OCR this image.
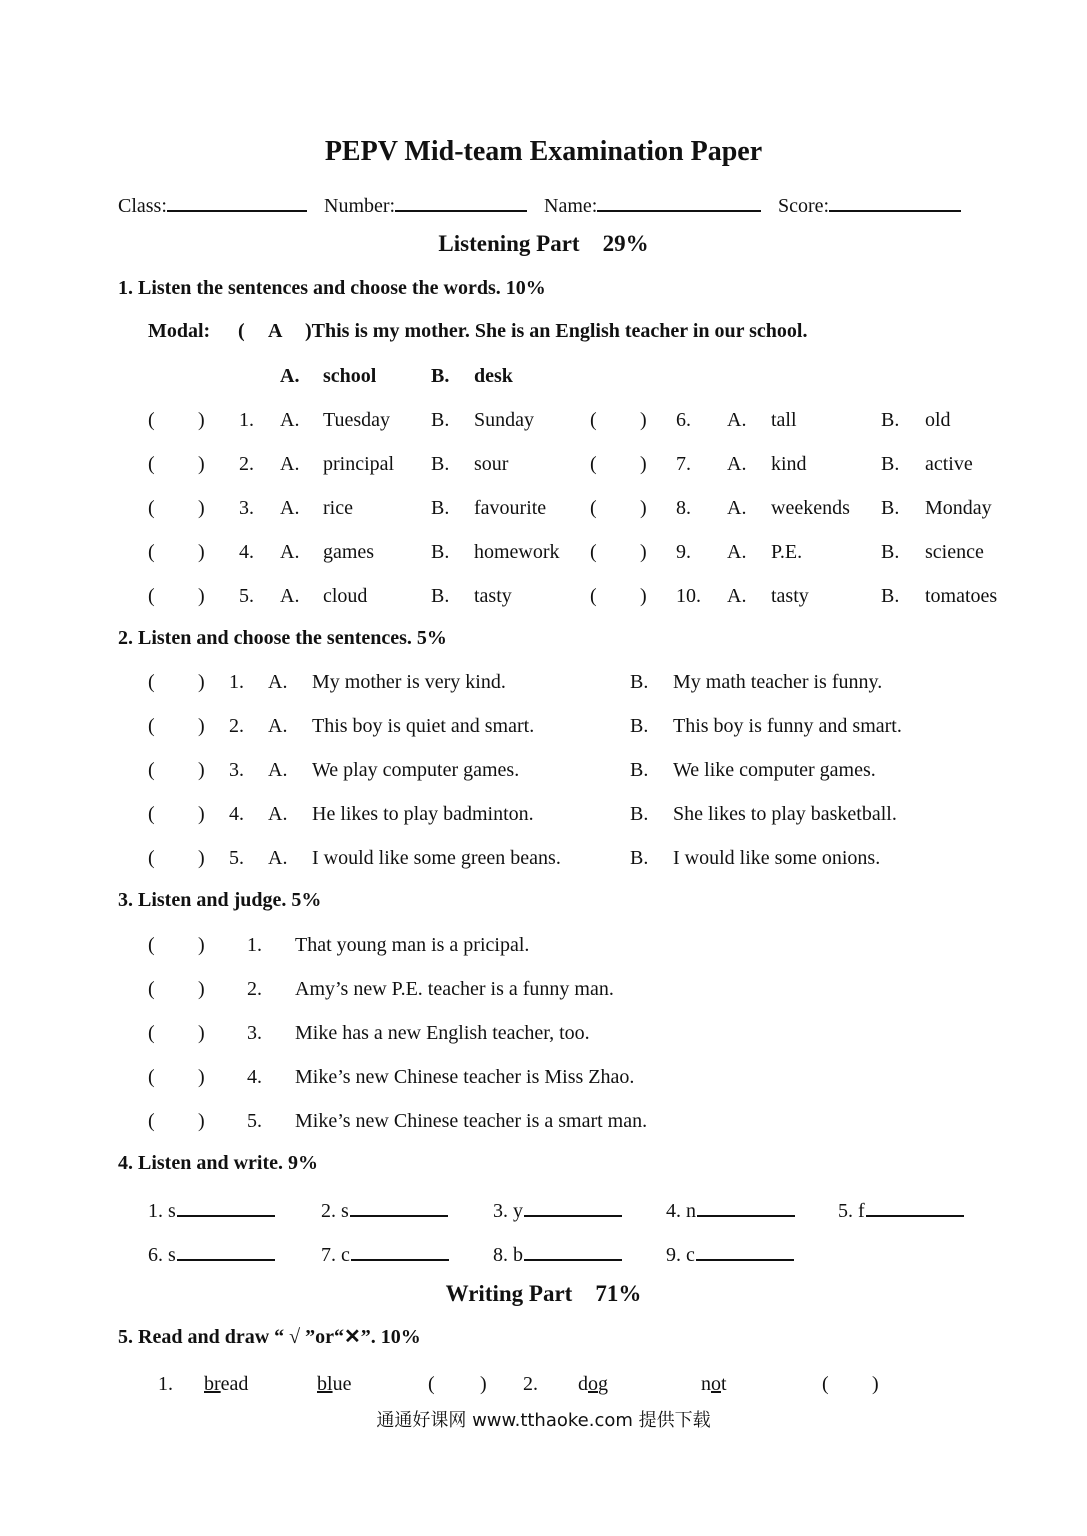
PEPV Mid-team Examination Paper
Class:	Number:	Name:	Score:
Listening Part    29%
1. Listen the sentences and choose the words. 10%
Modal: ( A )This is my mother. She is an English teacher in our school.
A. school	B. desk
( ) 1. A. Tuesday B. Sunday	( ) 6. A. tall	B. old
( ) 2. A. principal B. sour	( ) 7. A. kind	B. active
( ) 3. A. rice	B. favourite ( ) 8. A. weekends B. Monday
( ) 4. A. games	B. homework ( ) 9. A. P.E.	B. science
( ) 5. A. cloud	B. tasty	( ) 10. A. tasty	B. tomatoes
2. Listen and choose the sentences. 5%
( ) 1. A. My mother is very kind.	B. My math teacher is funny.
( ) 2. A. This boy is quiet and smart.	B. This boy is funny and smart.
( ) 3. A. We play computer games.	B. We like computer games.
( ) 4. A. He likes to play badminton.	B. She likes to play basketball.
( ) 5. A. I would like some green beans.	B. I would like some onions.
3. Listen and judge. 5%
( ) 1. That young man is a pricipal.
( ) 2. Amy’s new P.E. teacher is a funny man.
( ) 3. Mike has a new English teacher, too.
( ) 4. Mike’s new Chinese teacher is Miss Zhao.
( ) 5. Mike’s new Chinese teacher is a smart man.
4. Listen and write. 9%
1. s	2. s	3. y	4. n	5. f
6. s	7. c	8. b	9. c
Writing Part    71%
5. Read and draw “ √ ”or“✕”. 10%
1. bread	blue	( ) 2. dog	not	( )
通通好课网 www.tthaoke.com 提供下载
